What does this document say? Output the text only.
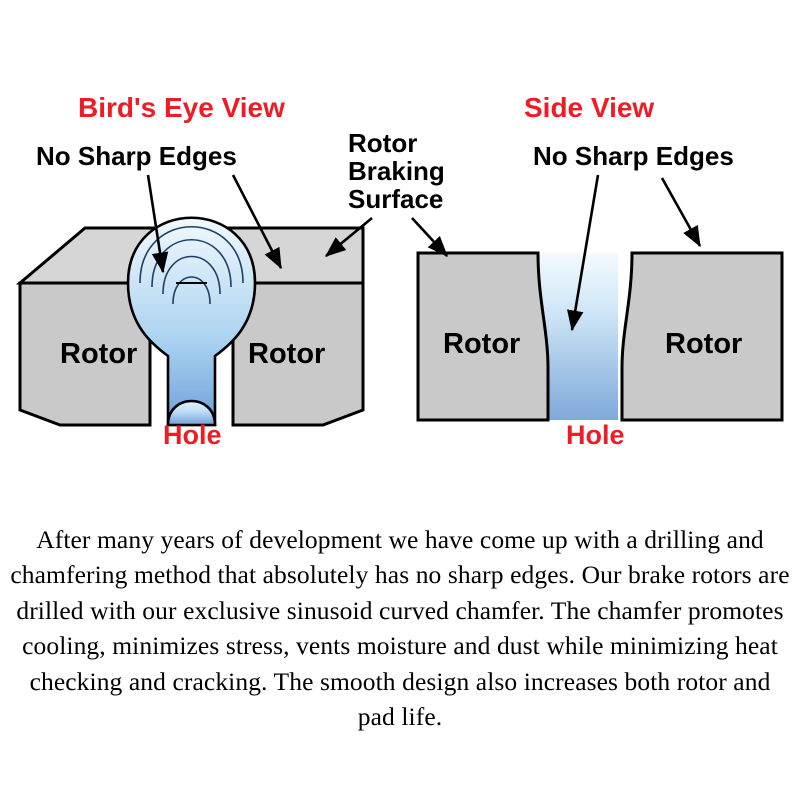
Rotor	Rotor	Rotor	Rotor
Bird's Eye View	Side View
No Sharp Edges	No Sharp Edges
Rotor
Braking
Surface
Hole	Hole
After many years of development we have come up with a drilling and chamfering method that absolutely has no sharp edges. Our brake rotors are drilled with our exclusive sinusoid curved chamfer. The chamfer promotes cooling, minimizes stress, vents moisture and dust while minimizing heat checking and cracking. The smooth design also increases both rotor and pad life.
